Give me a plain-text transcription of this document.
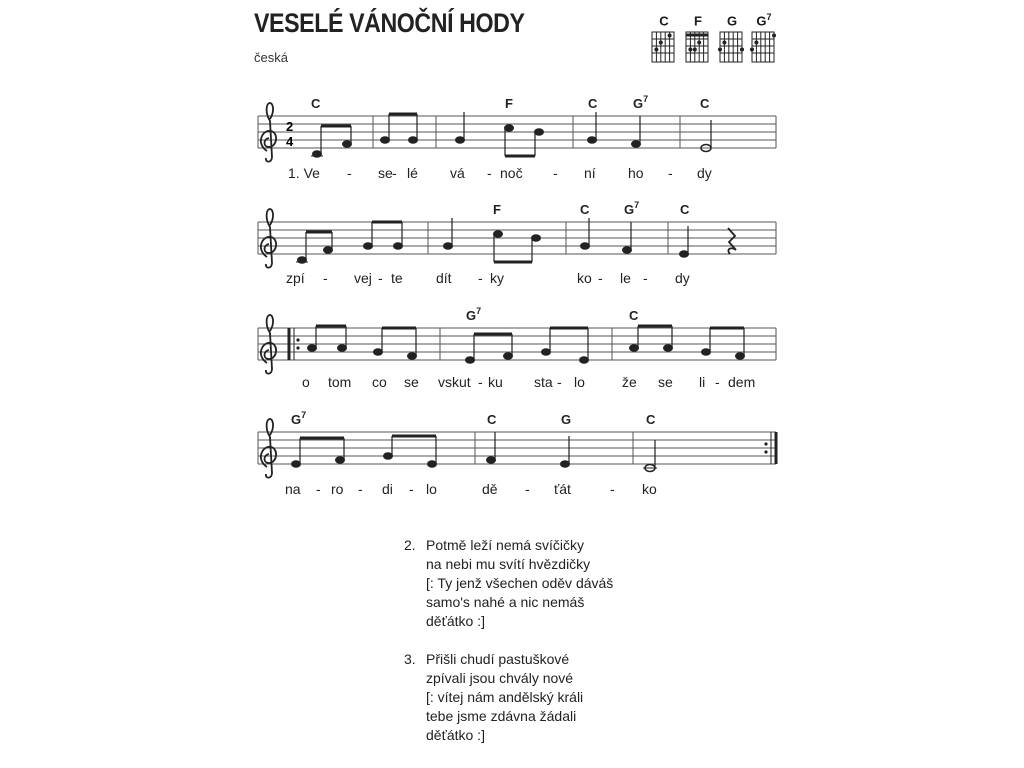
VESELÉ VÁNOČNÍ HODY
česká
C	F	G	$G^7$
2
4
C	F	C	$G^7$	C
F	C	$G^7$	C
$G^7$	C
$G^7$	C	G	C
1. Ve - se - lé vá - noč - ní ho - dy
zpí - vej - te dít - ky	ko - le - dy
o tom co se vskut - ku sta - lo	že se li - dem
na - ro - di - lo	dě - ťát	- ko
2. Potmě leží nemá svíčičky
na nebi mu svítí hvězdičky
[: Ty jenž všechen oděv dáváš
samo's nahé a nic nemáš
děťátko :]
3. Přišli chudí pastuškové
zpívali jsou chvály nové
[: vítej nám andělský králi
tebe jsme zdávna žádali
děťátko :]
